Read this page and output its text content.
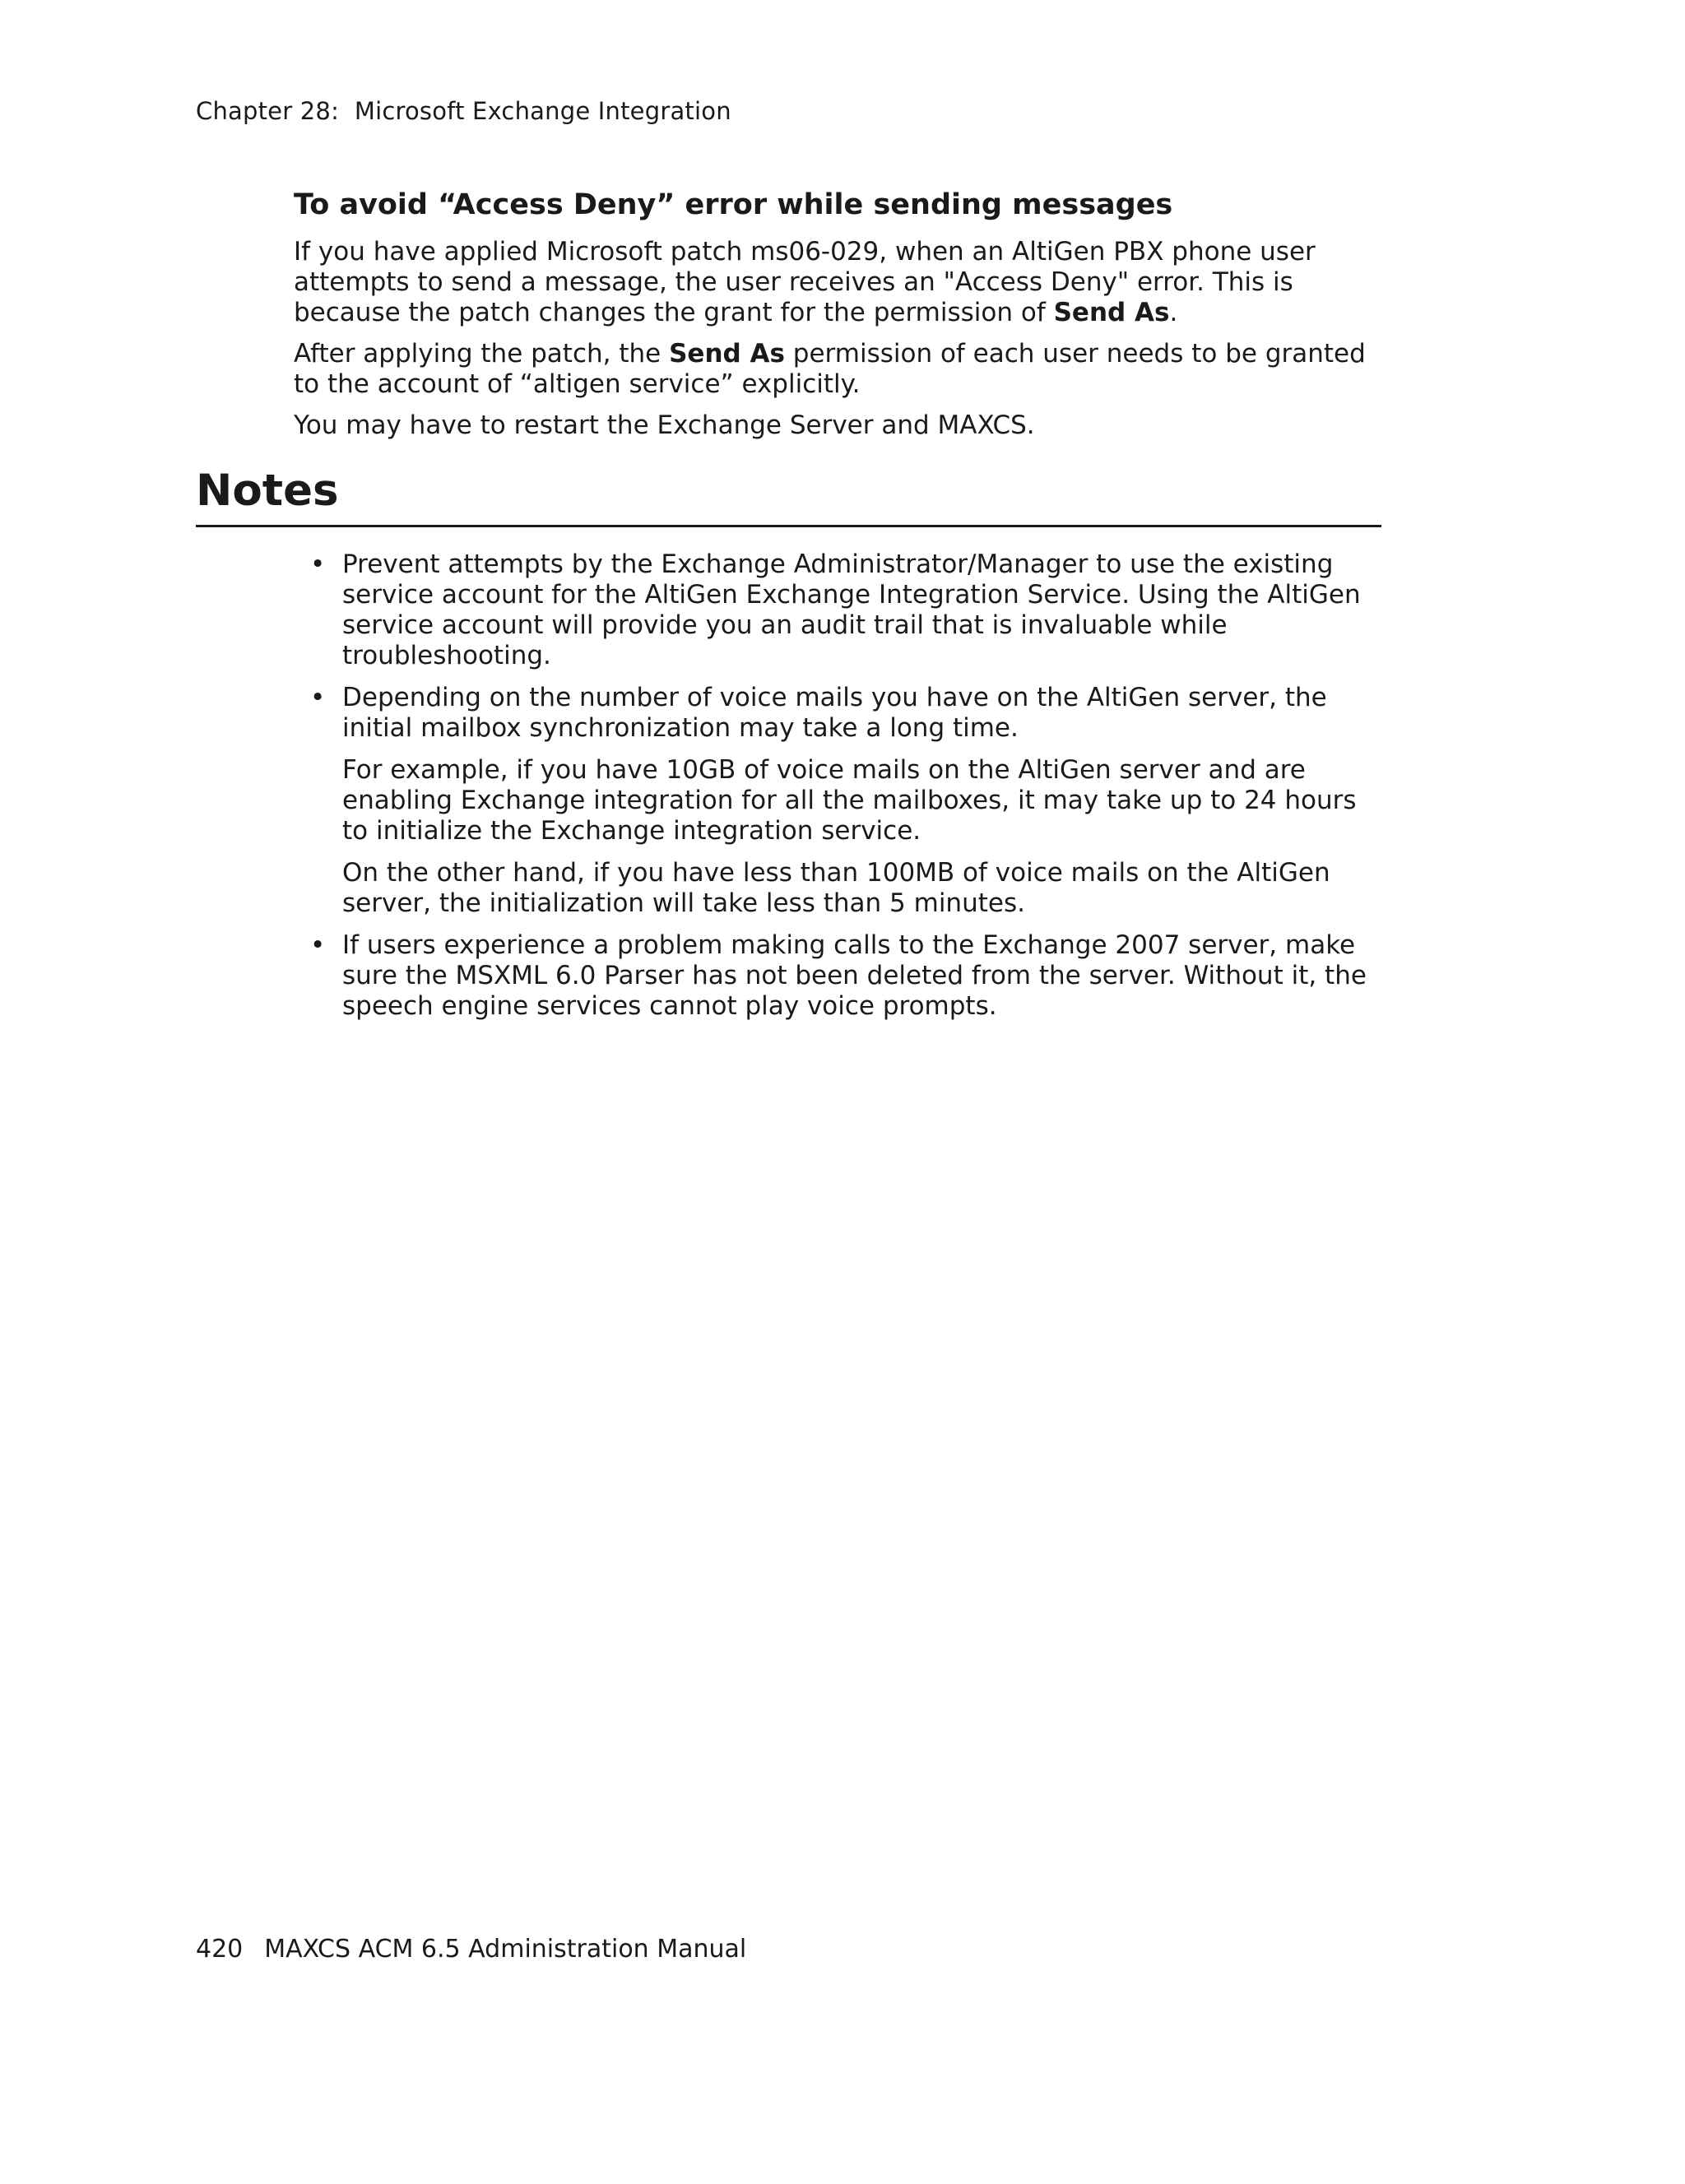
Chapter 28:  Microsoft Exchange Integration
To avoid “Access Deny” error while sending messages

If you have applied Microsoft patch ms06-029, when an AltiGen PBX phone user attempts to send a message, the user receives an "Access Deny" error. This is because the patch changes the grant for the permission of Send As.

After applying the patch, the Send As permission of each user needs to be granted to the account of “altigen service” explicitly.

You may have to restart the Exchange Server and MAXCS.

Notes
• Prevent attempts by the Exchange Administrator/Manager to use the existing service account for the AltiGen Exchange Integration Service. Using the AltiGen service account will provide you an audit trail that is invaluable while troubleshooting.

• Depending on the number of voice mails you have on the AltiGen server, the initial mailbox synchronization may take a long time.

For example, if you have 10GB of voice mails on the AltiGen server and are enabling Exchange integration for all the mailboxes, it may take up to 24 hours to initialize the Exchange integration service.

On the other hand, if you have less than 100MB of voice mails on the AltiGen server, the initialization will take less than 5 minutes.

• If users experience a problem making calls to the Exchange 2007 server, make sure the MSXML 6.0 Parser has not been deleted from the server. Without it, the speech engine services cannot play voice prompts.

420 MAXCS ACM 6.5 Administration Manual
